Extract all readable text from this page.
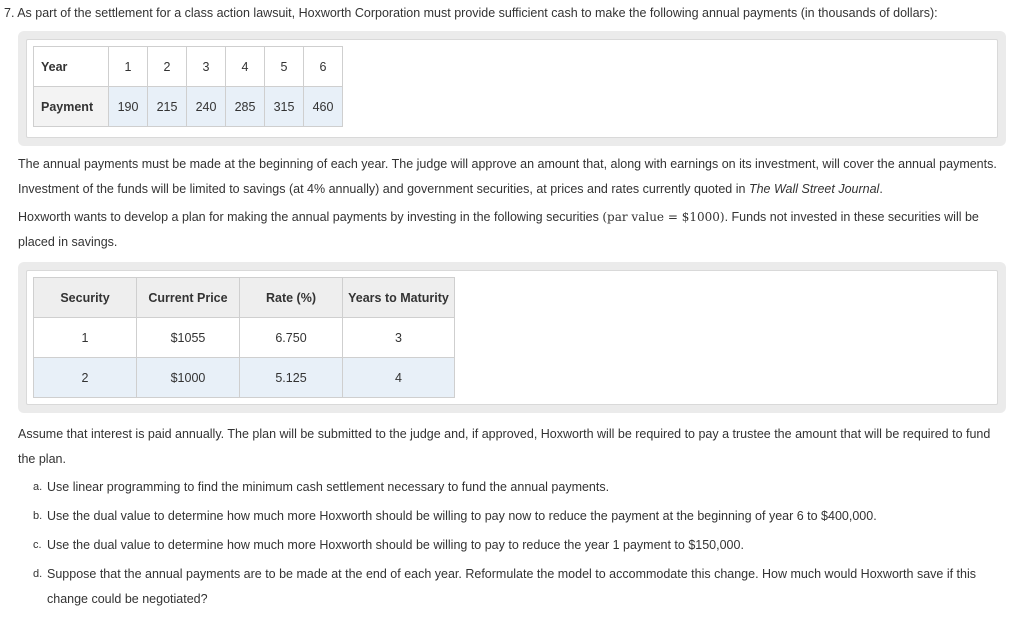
7. As part of the settlement for a class action lawsuit, Hoxworth Corporation must provide sufficient cash to make the following annual payments (in thousands of dollars):

Year	1	2	3	4	5	6
Payment	190	215	240	285	315	460

The annual payments must be made at the beginning of each year. The judge will approve an amount that, along with earnings on its investment, will cover the annual payments. Investment of the funds will be limited to savings (at 4% annually) and government securities, at prices and rates currently quoted in The Wall Street Journal.

Hoxworth wants to develop a plan for making the annual payments by investing in the following securities (par value = $1000). Funds not invested in these securities will be placed in savings.

Security	Current Price	Rate (%)	Years to Maturity
1	$1055	6.750	3
2	$1000	5.125	4

Assume that interest is paid annually. The plan will be submitted to the judge and, if approved, Hoxworth will be required to pay a trustee the amount that will be required to fund the plan.

a. Use linear programming to find the minimum cash settlement necessary to fund the annual payments.
b. Use the dual value to determine how much more Hoxworth should be willing to pay now to reduce the payment at the beginning of year 6 to $400,000.
c. Use the dual value to determine how much more Hoxworth should be willing to pay to reduce the year 1 payment to $150,000.
d. Suppose that the annual payments are to be made at the end of each year. Reformulate the model to accommodate this change. How much would Hoxworth save if this change could be negotiated?
